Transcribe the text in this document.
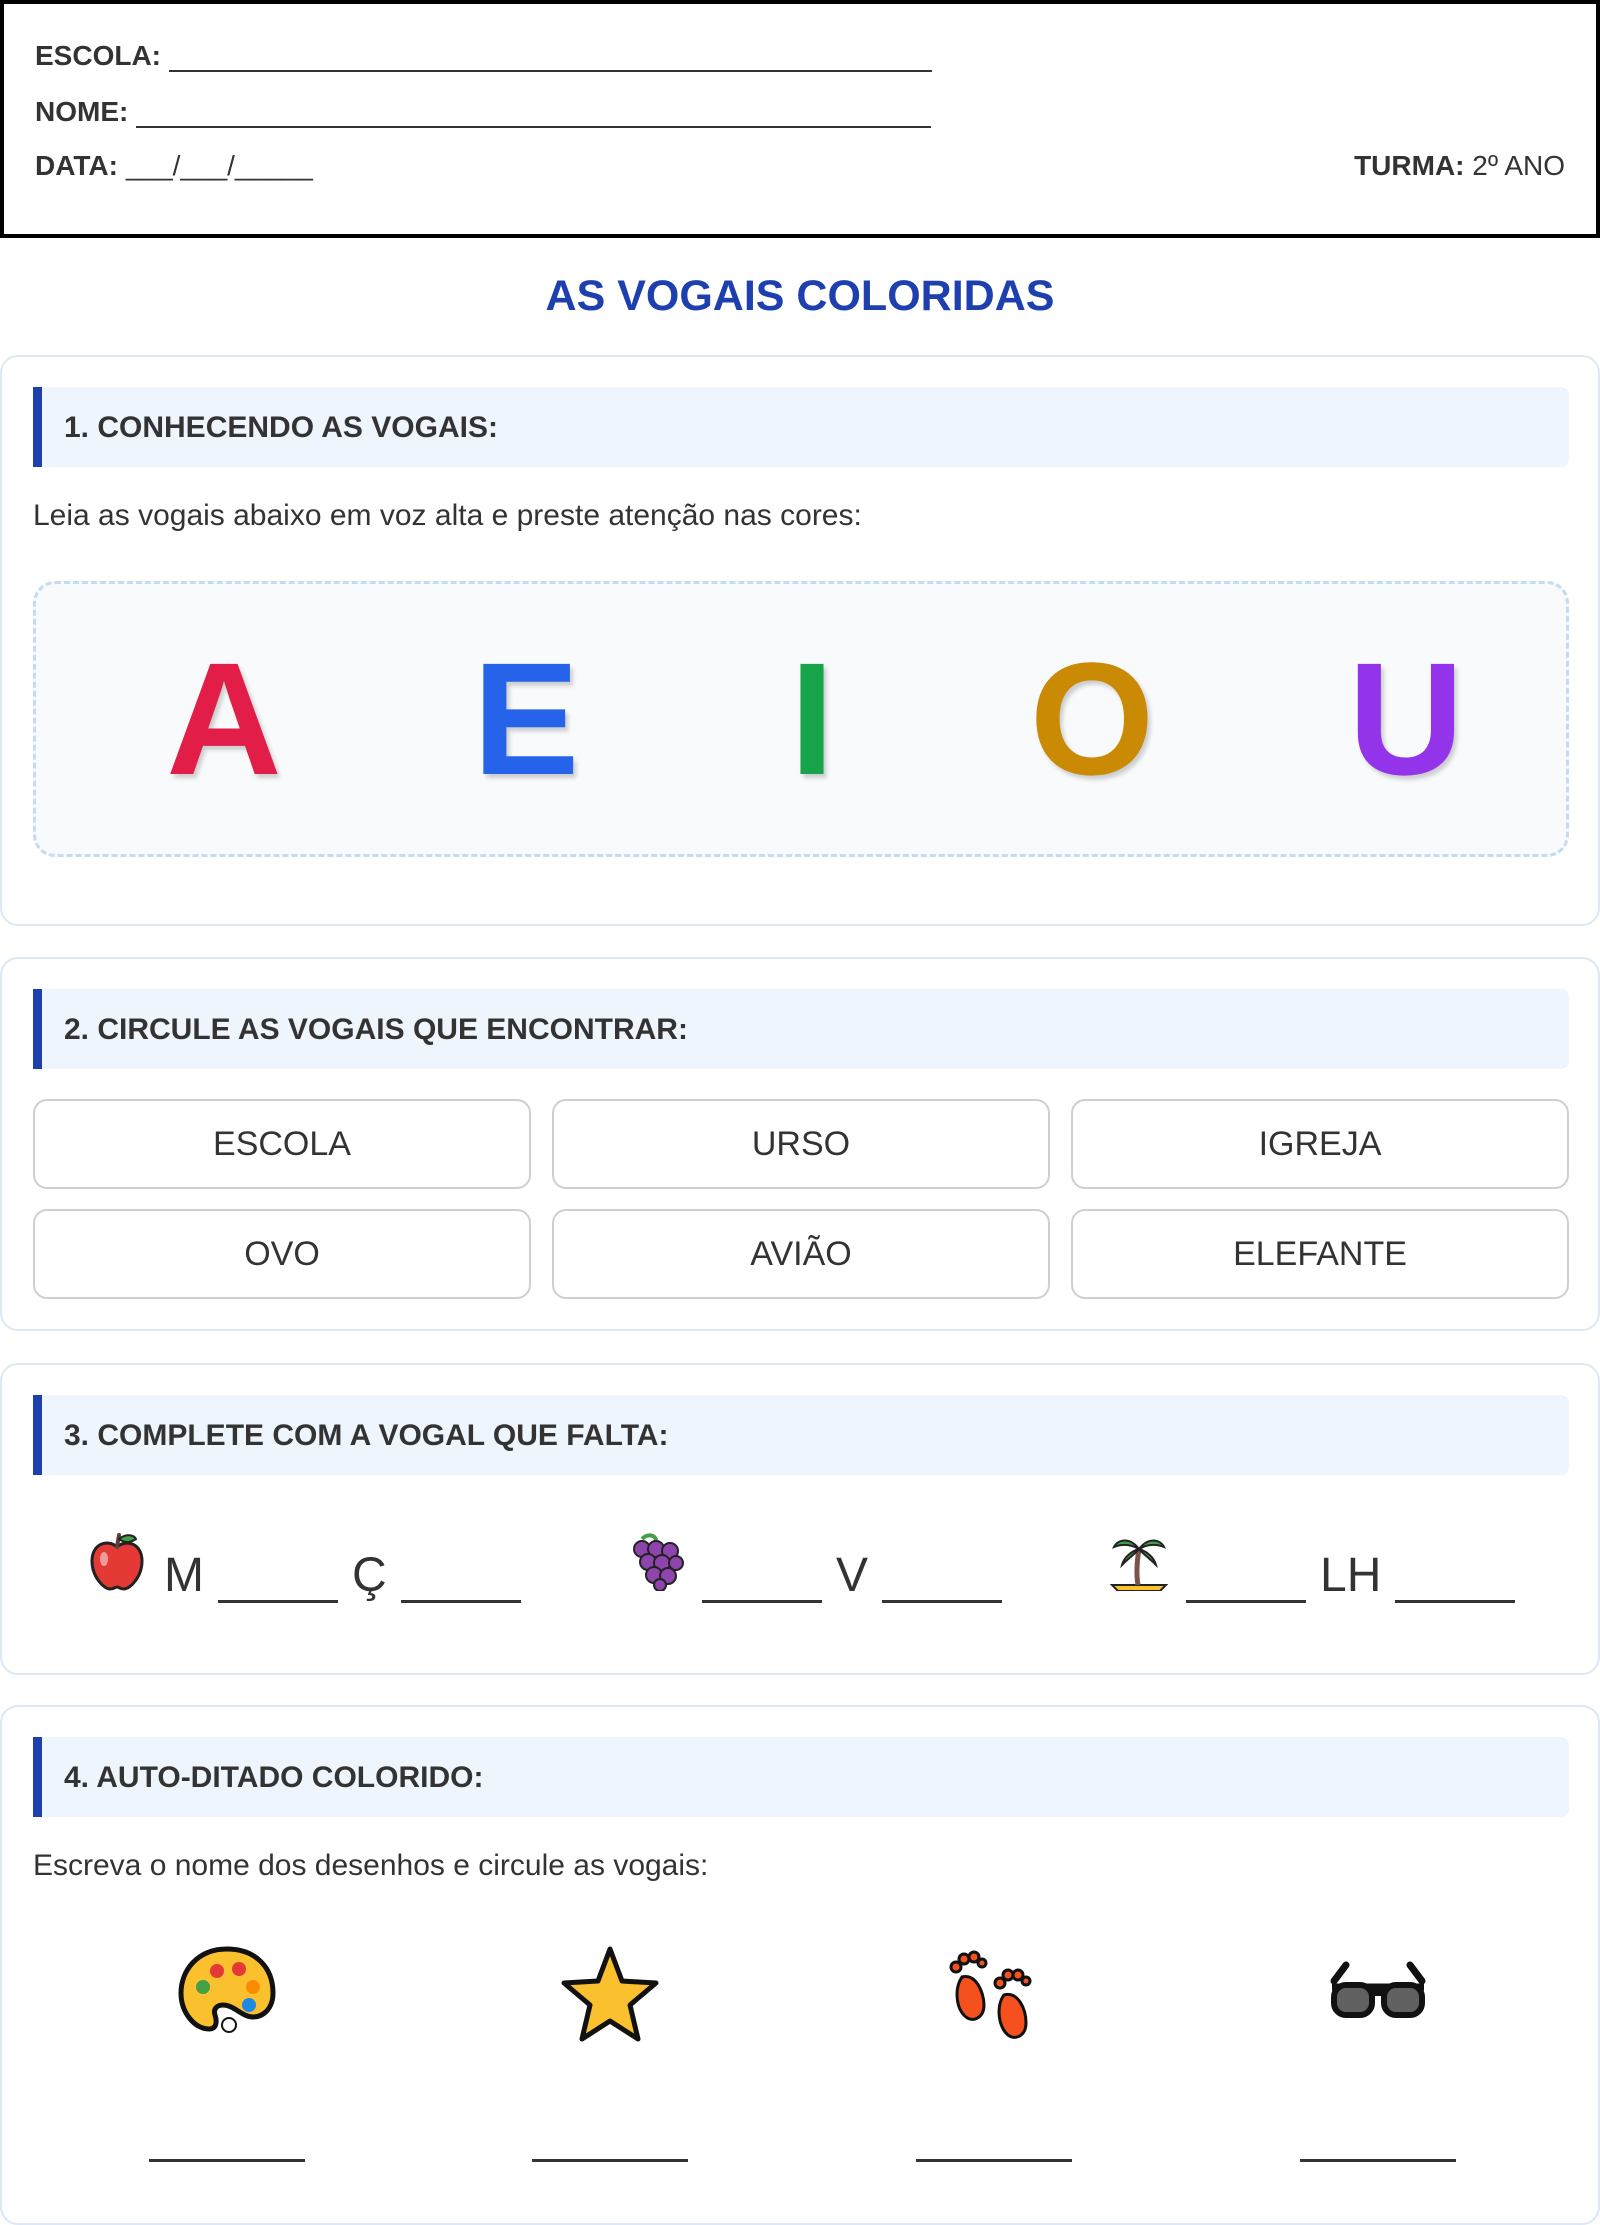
ESCOLA:
NOME:
DATA: ___/___/_____	TURMA: 2º ANO
AS VOGAIS COLORIDAS
1. CONHECENDO AS VOGAIS:
Leia as vogais abaixo em voz alta e preste atenção nas cores:
A E	I	O U
2. CIRCULE AS VOGAIS QUE ENCONTRAR:
ESCOLA	URSO	IGREJA
OVO	AVIÃO	ELEFANTE
3. COMPLETE COM A VOGAL QUE FALTA:
M	Ç	V	LH
4. AUTO-DITADO COLORIDO:
Escreva o nome dos desenhos e circule as vogais:
